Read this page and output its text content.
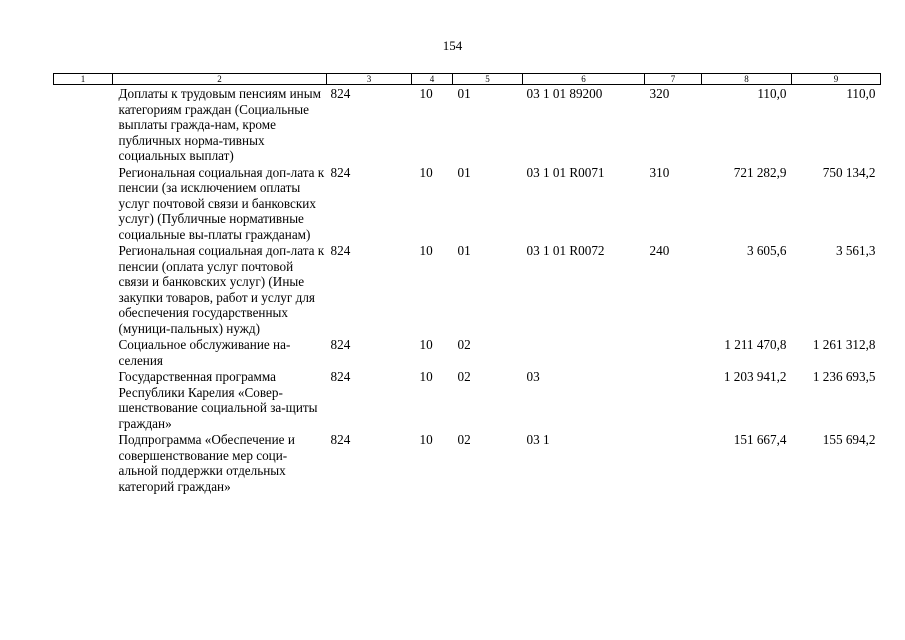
154
1	2	3	4	5	6	7	8	9
	Доплаты к трудовым пенсиям иным категориям граждан (Социальные выплаты гражда-нам, кроме публичных норма-тивных социальных выплат)	824	10	01	03 1 01 89200	320	110,0	110,0
	Региональная социальная доп-лата к пенсии (за исключением оплаты услуг почтовой связи и банковских услуг) (Публичные нормативные социальные вы-платы гражданам)	824	10	01	03 1 01 R0071	310	721 282,9	750 134,2
	Региональная социальная доп-лата к пенсии (оплата услуг почтовой связи и банковских услуг) (Иные закупки товаров, работ и услуг для обеспечения государственных (муници-пальных) нужд)	824	10	01	03 1 01 R0072	240	3 605,6	3 561,3
	Социальное обслуживание на-селения	824	10	02			1 211 470,8	1 261 312,8
	Государственная программа Республики Карелия «Совер-шенствование социальной за-щиты граждан»	824	10	02	03		1 203 941,2	1 236 693,5
	Подпрограмма «Обеспечение и совершенствование мер соци-альной поддержки отдельных категорий граждан»	824	10	02	03 1		151 667,4	155 694,2
